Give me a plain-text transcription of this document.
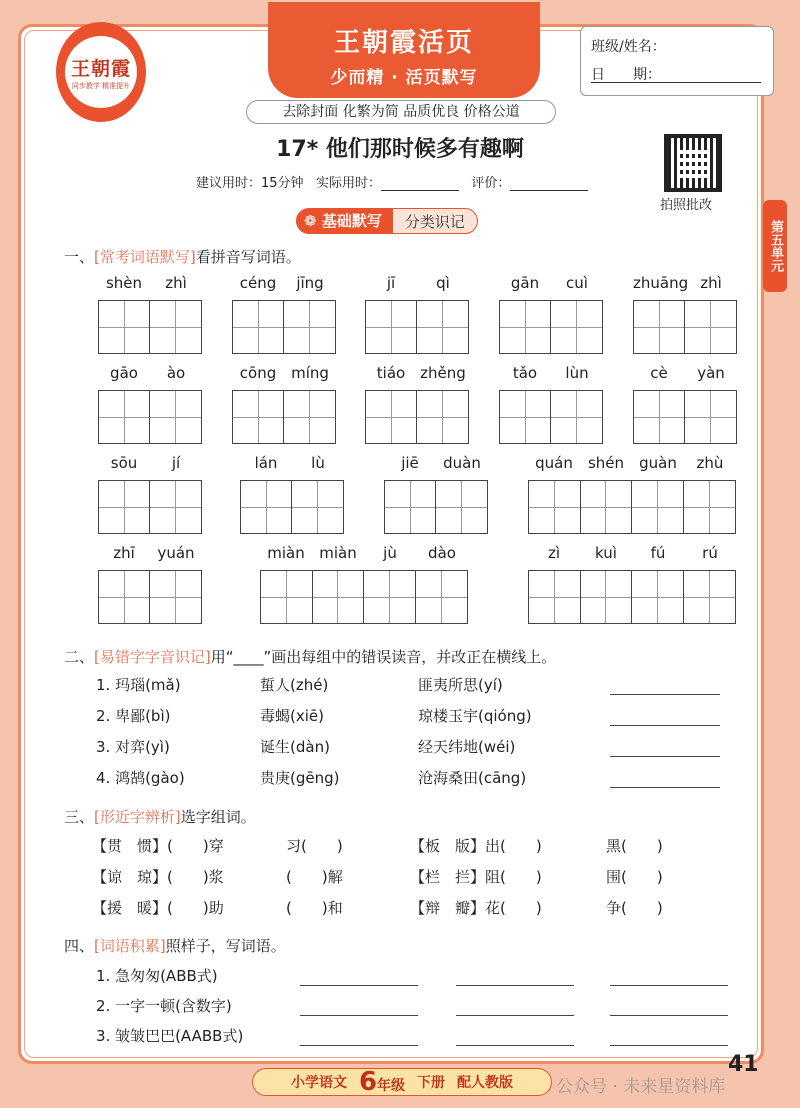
王朝霞
同步教学 精准提升
王朝霞活页
少而精 · 活页默写
去除封面 化繁为简 品质优良 价格公道
班级/姓名：
日　　期：
17* 他们那时候多有趣啊
建议用时：15分钟 实际用时：	评价：
拍照批改
第五单元
❁ 基础默写	分类识记
一、[常考词语默写]看拼音写词语。
shèn	zhì	céng	jīng	jī	qì	gān	cuì	zhuāng zhì
gāo	ào	cōng míng	tiáo zhěng	tǎo	lùn	cè	yàn
sōu	jí	lán	lù	jiē	duàn	quán	shén	guàn	zhù
zhī	yuán	miàn miàn	jù	dào	zì	kuì	fú	rú
二、[易错字字音识记]用“____”画出每组中的错误读音，并改正在横线上。
1. 玛瑙(mǎ)	蜇人(zhé)	匪夷所思(yí)
2. 卑鄙(bì)	毒蝎(xiē)	琼楼玉宇(qióng)
3. 对弈(yì)	诞生(dàn)	经天纬地(wéi)
4. 鸿鹄(gào)	贵庚(gēng)	沧海桑田(cāng)
三、[形近字辨析]选字组词。
【贯　惯】(　　)穿	习(　　)	【板　版】出(　　)	黑(　　)
【谅　琼】(　　)浆	(　　)解	【栏　拦】阻(　　)	围(　　)
【援　暖】(　　)助	(　　)和	【辩　瓣】花(　　)	争(　　)
四、[词语积累]照样子，写词语。
1. 急匆匆(ABB式)
2. 一字一顿(含数字)
3. 皱皱巴巴(AABB式)
小学语文 6年级 下册 配人教版	公众号 · 未来星资料库
41
